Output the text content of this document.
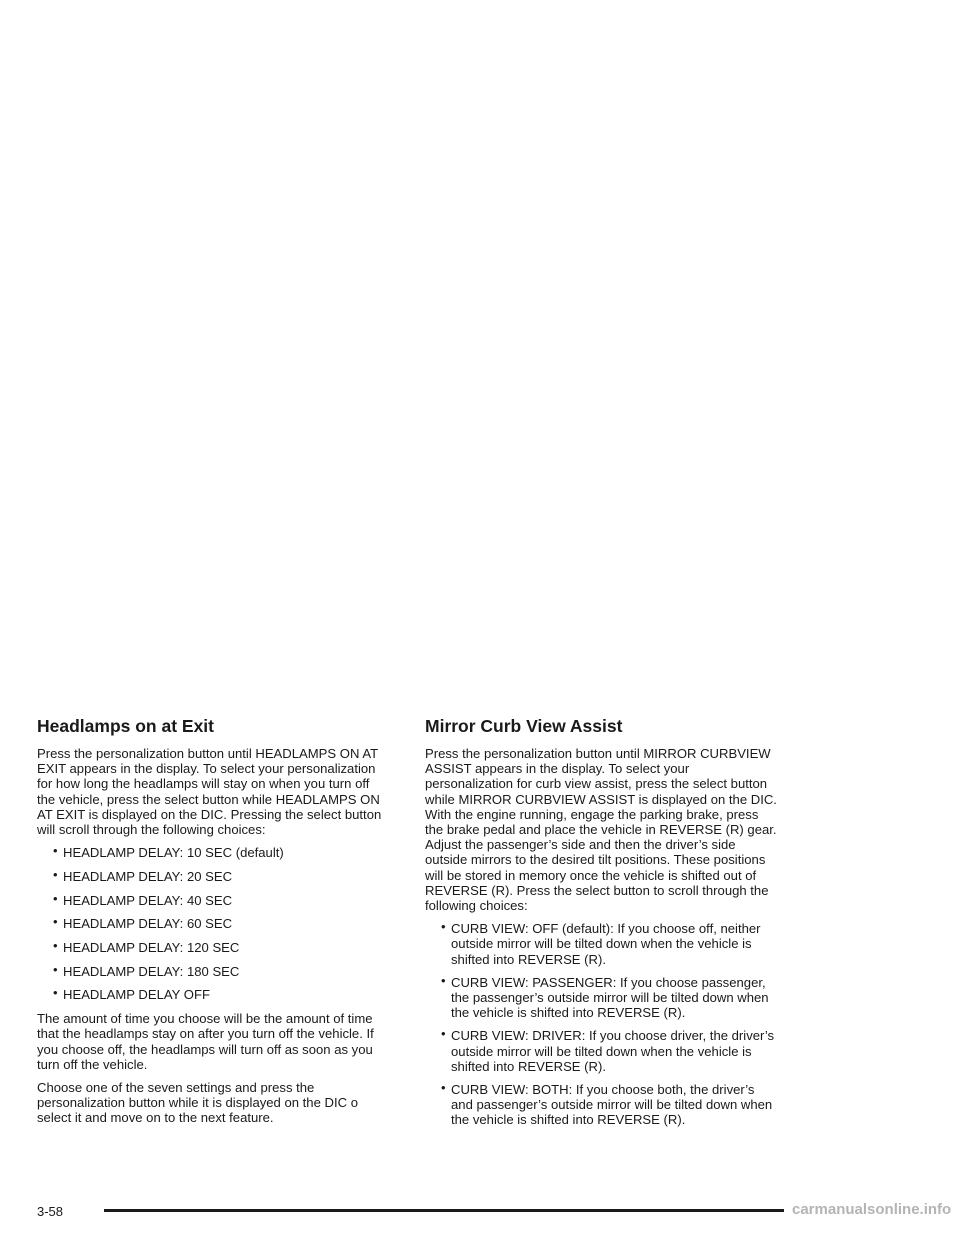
Headlamps on at Exit

Press the personalization button until HEADLAMPS ON AT EXIT appears in the display. To select your personalization for how long the headlamps will stay on when you turn off the vehicle, press the select button while HEADLAMPS ON AT EXIT is displayed on the DIC. Pressing the select button will scroll through the following choices:

• HEADLAMP DELAY: 10 SEC (default)
• HEADLAMP DELAY: 20 SEC
• HEADLAMP DELAY: 40 SEC
• HEADLAMP DELAY: 60 SEC
• HEADLAMP DELAY: 120 SEC
• HEADLAMP DELAY: 180 SEC
• HEADLAMP DELAY OFF

The amount of time you choose will be the amount of time that the headlamps stay on after you turn off the vehicle. If you choose off, the headlamps will turn off as soon as you turn off the vehicle.

Choose one of the seven settings and press the personalization button while it is displayed on the DIC o select it and move on to the next feature.

Mirror Curb View Assist

Press the personalization button until MIRROR CURBVIEW ASSIST appears in the display. To select your personalization for curb view assist, press the select button while MIRROR CURBVIEW ASSIST is displayed on the DIC. With the engine running, engage the parking brake, press the brake pedal and place the vehicle in REVERSE (R) gear. Adjust the passenger’s side and then the driver’s side outside mirrors to the desired tilt positions. These positions will be stored in memory once the vehicle is shifted out of REVERSE (R). Press the select button to scroll through the following choices:

• CURB VIEW: OFF (default): If you choose off, neither outside mirror will be tilted down when the vehicle is shifted into REVERSE (R).
• CURB VIEW: PASSENGER: If you choose passenger, the passenger’s outside mirror will be tilted down when the vehicle is shifted into REVERSE (R).
• CURB VIEW: DRIVER: If you choose driver, the driver’s outside mirror will be tilted down when the vehicle is shifted into REVERSE (R).
• CURB VIEW: BOTH: If you choose both, the driver’s and passenger’s outside mirror will be tilted down when the vehicle is shifted into REVERSE (R).
3-58	carmanualsonline.info
